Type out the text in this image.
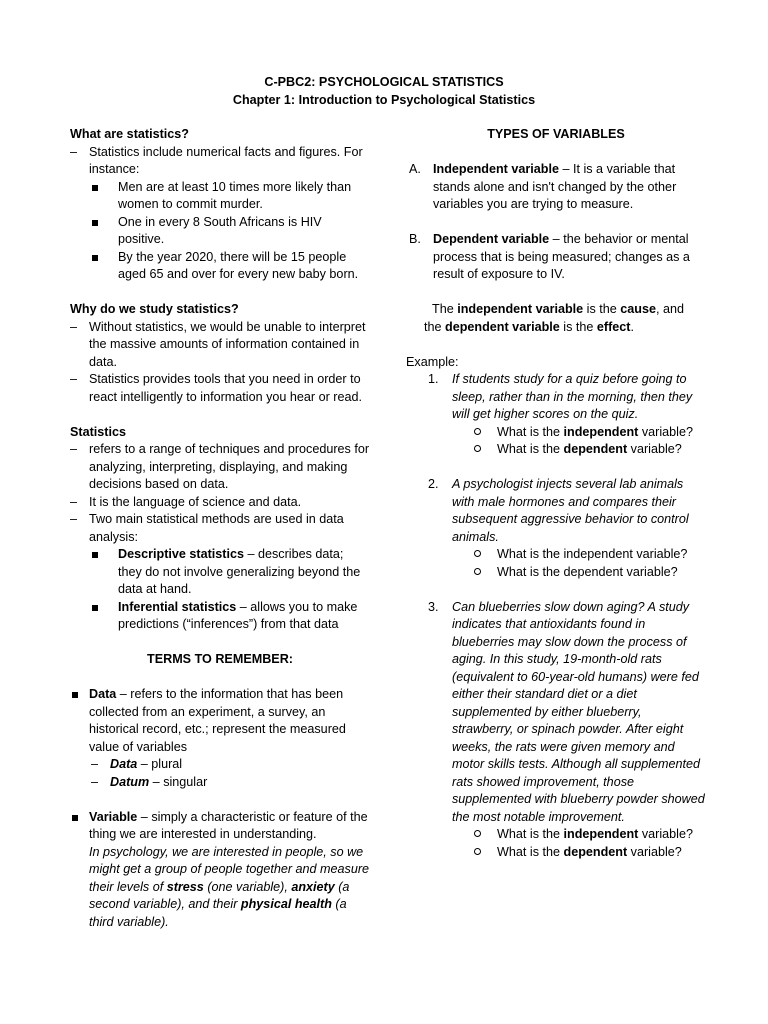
C-PBC2: PSYCHOLOGICAL STATISTICS
Chapter 1: Introduction to Psychological Statistics
What are statistics?
– Statistics include numerical facts and figures. For instance:
Men are at least 10 times more likely than women to commit murder.
One in every 8 South Africans is HIV positive.
By the year 2020, there will be 15 people aged 65 and over for every new baby born.
Why do we study statistics?
– Without statistics, we would be unable to interpret the massive amounts of information contained in data.
– Statistics provides tools that you need in order to react intelligently to information you hear or read.
Statistics
– refers to a range of techniques and procedures for analyzing, interpreting, displaying, and making decisions based on data.
– It is the language of science and data.
– Two main statistical methods are used in data analysis:
Descriptive statistics – describes data; they do not involve generalizing beyond the data at hand.
Inferential statistics – allows you to make predictions (“inferences”) from that data
TERMS TO REMEMBER:
Data – refers to the information that has been collected from an experiment, a survey, an historical record, etc.; represent the measured value of variables
– Data – plural
– Datum – singular
Variable – simply a characteristic or feature of the thing we are interested in understanding.
In psychology, we are interested in people, so we might get a group of people together and measure their levels of stress (one variable), anxiety (a second variable), and their physical health (a third variable).
TYPES OF VARIABLES
A. Independent variable – It is a variable that stands alone and isn't changed by the other variables you are trying to measure.
B. Dependent variable – the behavior or mental process that is being measured; changes as a result of exposure to IV.
The independent variable is the cause, and
the dependent variable is the effect.
Example:
1. If students study for a quiz before going to sleep, rather than in the morning, then they will get higher scores on the quiz.
What is the independent variable?
What is the dependent variable?
2. A psychologist injects several lab animals with male hormones and compares their subsequent aggressive behavior to control animals.
What is the independent variable?
What is the dependent variable?
3. Can blueberries slow down aging? A study indicates that antioxidants found in blueberries may slow down the process of aging. In this study, 19-month-old rats (equivalent to 60-year-old humans) were fed either their standard diet or a diet supplemented by either blueberry, strawberry, or spinach powder. After eight weeks, the rats were given memory and motor skills tests. Although all supplemented rats showed improvement, those supplemented with blueberry powder showed the most notable improvement.
What is the independent variable?
What is the dependent variable?
